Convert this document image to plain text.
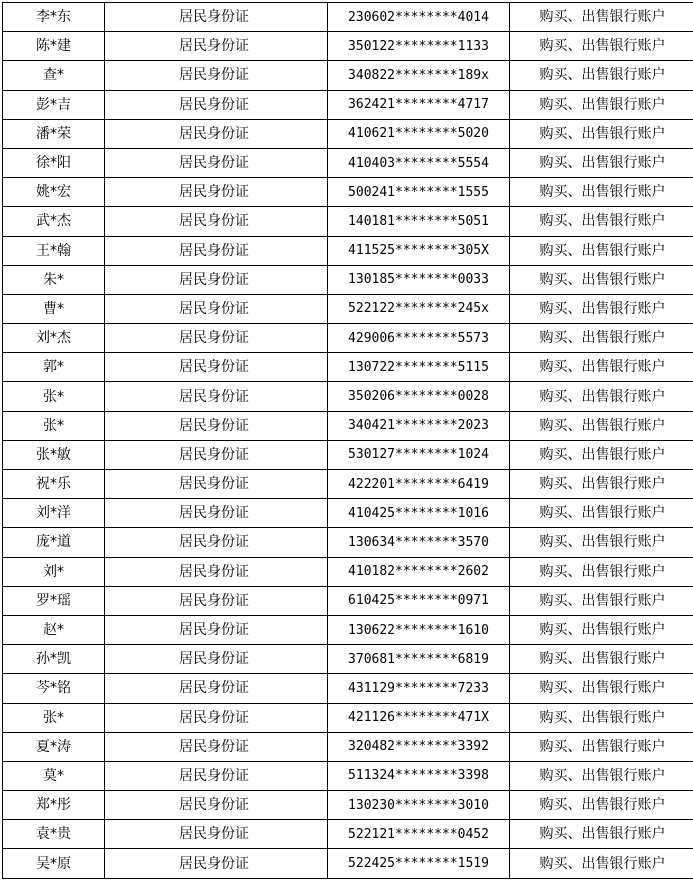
李*东	居民身份证	230602********4014	购买、出售银行账户
陈*建	居民身份证	350122********1133	购买、出售银行账户
查*	居民身份证	340822********189x	购买、出售银行账户
彭*吉	居民身份证	362421********4717	购买、出售银行账户
潘*荣	居民身份证	410621********5020	购买、出售银行账户
徐*阳	居民身份证	410403********5554	购买、出售银行账户
姚*宏	居民身份证	500241********1555	购买、出售银行账户
武*杰	居民身份证	140181********5051	购买、出售银行账户
王*翰	居民身份证	411525********305X	购买、出售银行账户
朱*	居民身份证	130185********0033	购买、出售银行账户
曹*	居民身份证	522122********245x	购买、出售银行账户
刘*杰	居民身份证	429006********5573	购买、出售银行账户
郭*	居民身份证	130722********5115	购买、出售银行账户
张*	居民身份证	350206********0028	购买、出售银行账户
张*	居民身份证	340421********2023	购买、出售银行账户
张*敏	居民身份证	530127********1024	购买、出售银行账户
祝*乐	居民身份证	422201********6419	购买、出售银行账户
刘*洋	居民身份证	410425********1016	购买、出售银行账户
庞*道	居民身份证	130634********3570	购买、出售银行账户
刘*	居民身份证	410182********2602	购买、出售银行账户
罗*瑶	居民身份证	610425********0971	购买、出售银行账户
赵*	居民身份证	130622********1610	购买、出售银行账户
孙*凯	居民身份证	370681********6819	购买、出售银行账户
芩*铭	居民身份证	431129********7233	购买、出售银行账户
张*	居民身份证	421126********471X	购买、出售银行账户
夏*涛	居民身份证	320482********3392	购买、出售银行账户
莫*	居民身份证	511324********3398	购买、出售银行账户
郑*彤	居民身份证	130230********3010	购买、出售银行账户
袁*贵	居民身份证	522121********0452	购买、出售银行账户
吴*原	居民身份证	522425********1519	购买、出售银行账户
